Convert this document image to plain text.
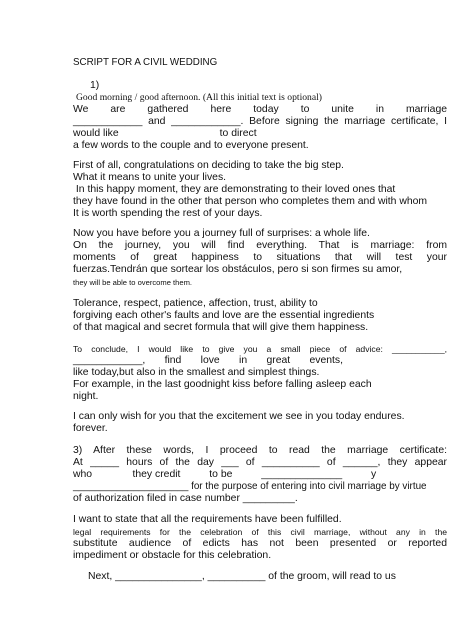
SCRIPT FOR A CIVIL WEDDING

1)

Good morning / good afternoon. (All this initial text is optional)

We are gathered here today to unite in marriage

____________ and ____________. Before signing the marriage certificate, I

would like                                   to direct

a few words to the couple and to everyone present.

First of all, congratulations on deciding to take the big step.

What it means to unite your lives.

In this happy moment, they are demonstrating to their loved ones that

they have found in the other that person who completes them and with whom

It is worth spending the rest of your days.

Now you have before you a journey full of surprises: a whole life.

On the journey, you will find everything. That is marriage: from

moments of great happiness to situations that will test your

fuerzas.Tendrán que sortear los obstáculos, pero si son firmes su amor,

they will be able to overcome them.

Tolerance, respect, patience, affection, trust, ability to

forgiving each other's faults and love are the essential ingredients

of that magical and secret formula that will give them happiness.

To conclude, I would like to give you a small piece of advice: ___________,

____________, find love in great events,

like today,but also in the smallest and simplest things.

For example, in the last goodnight kiss before falling asleep each

night.

I can only wish for you that the excitement we see in you today endures.

forever.

3) After these words, I proceed to read the marriage certificate:

At _____ hours of the day ___ of __________ of ______, they appear

who              they credit          to be          ______________          y

_____________________ for the purpose of entering into civil marriage by virtue

of authorization filed in case number _________.

I want to state that all the requirements have been fulfilled.

legal requirements for the celebration of this civil marriage, without any in the

substitute audience of edicts has not been presented or reported

impediment or obstacle for this celebration.

Next, _______________, __________ of the groom, will read to us
